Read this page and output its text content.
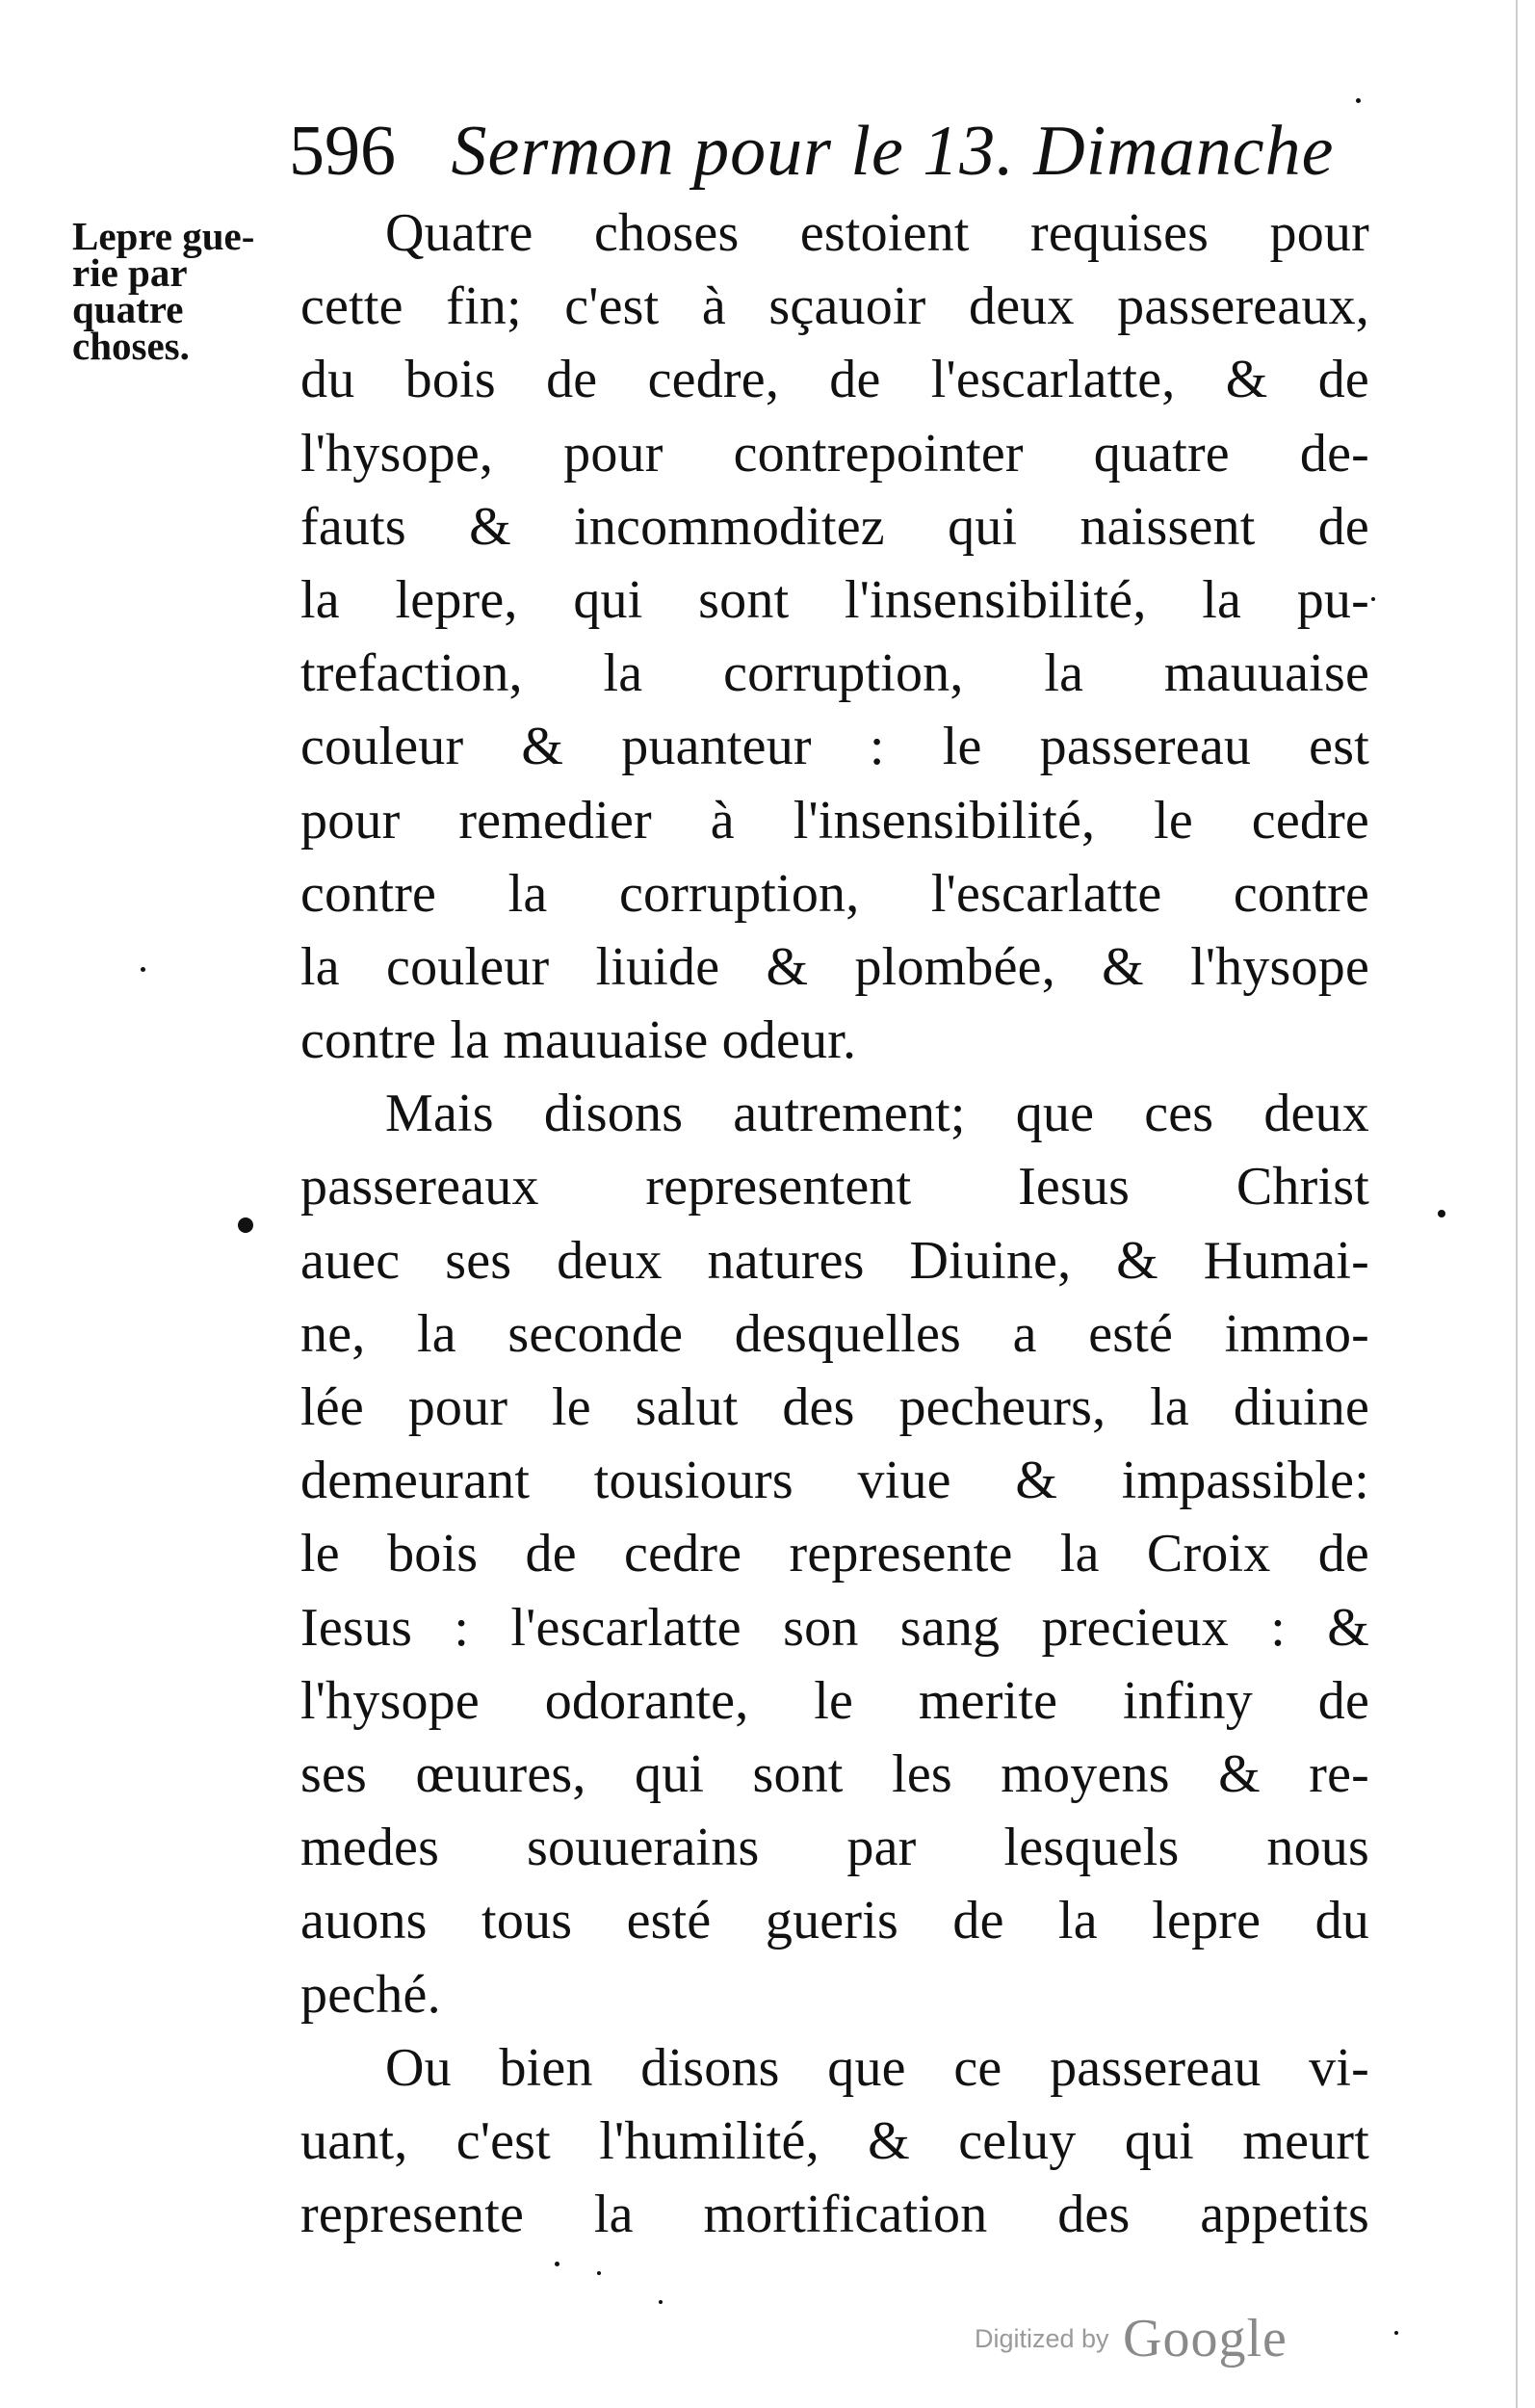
596 Sermon pour le 13. Dimanche
Lepre gue-
rie par
quatre
choses.
Quatre choses estoient requises pour
cette fin; c'est à sçauoir deux passereaux,
du bois de cedre, de l'escarlatte, & de
l'hysope, pour contrepointer quatre de-
fauts & incommoditez qui naissent de
la lepre, qui sont l'insensibilité, la pu-
trefaction, la corruption, la mauuaise
couleur & puanteur : le passereau est
pour remedier à l'insensibilité, le cedre
contre la corruption, l'escarlatte contre
la couleur liuide & plombée, & l'hysope
contre la mauuaise odeur.
Mais disons autrement; que ces deux
passereaux representent Iesus Christ
auec ses deux natures Diuine, & Humai-
ne, la seconde desquelles a esté immo-
lée pour le salut des pecheurs, la diuine
demeurant tousiours viue & impassible:
le bois de cedre represente la Croix de
Iesus : l'escarlatte son sang precieux : &
l'hysope odorante, le merite infiny de
ses œuures, qui sont les moyens & re-
medes souuerains par lesquels nous
auons tous esté gueris de la lepre du
peché.
Ou bien disons que ce passereau vi-
uant, c'est l'humilité, & celuy qui meurt
represente la mortification des appetits
Digitized by Google
